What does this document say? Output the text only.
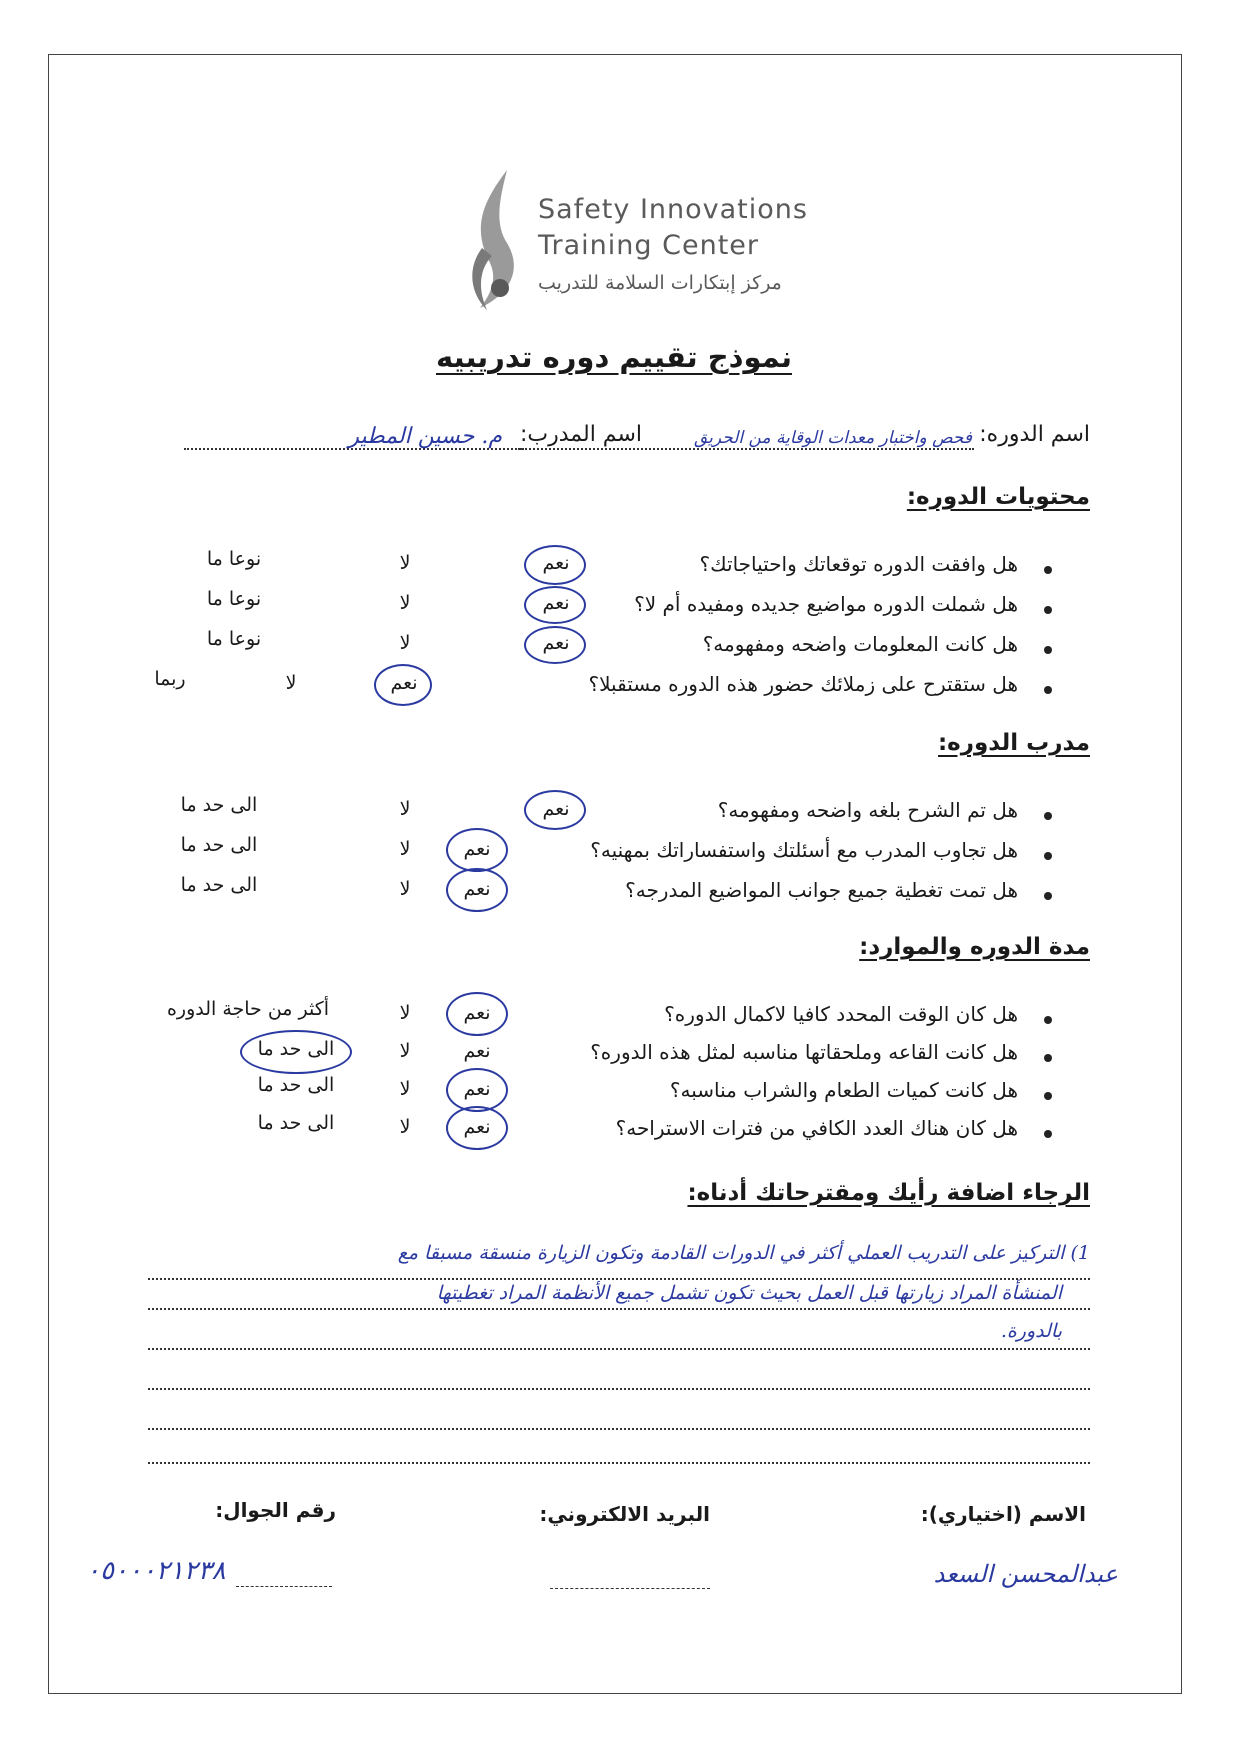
Safety Innovations
Training Center
مركز إبتكارات السلامة للتدريب
نموذج تقييم دوره تدريبيه
اسم الدوره:
فحص واختبار معدات الوقاية من الحريق
اسم المدرب:
م. حسين المطير
محتويات الدوره:
هل وافقت الدوره توقعاتك واحتياجاتك؟
نعم
لا
نوعا ما
هل شملت الدوره مواضيع جديده ومفيده أم لا؟
نعم
لا
نوعا ما
هل كانت المعلومات واضحه ومفهومه؟
نعم
لا
نوعا ما
هل ستقترح على زملائك حضور هذه الدوره مستقبلا؟
نعم
لا
ربما
مدرب الدوره:
هل تم الشرح بلغه واضحه ومفهومه؟
نعم
لا
الى حد ما
هل تجاوب المدرب مع أسئلتك واستفساراتك بمهنيه؟
نعم
لا
الى حد ما
هل تمت تغطية جميع جوانب المواضيع المدرجه؟
نعم
لا
الى حد ما
مدة الدوره والموارد:
هل كان الوقت المحدد كافيا لاكمال الدوره؟
نعم
لا
أكثر من حاجة الدوره
هل كانت القاعه وملحقاتها مناسبه لمثل هذه الدوره؟
نعم
لا
الى حد ما
هل كانت كميات الطعام والشراب مناسبه؟
نعم
لا
الى حد ما
هل كان هناك العدد الكافي من فترات الاستراحه؟
نعم
لا
الى حد ما
الرجاء اضافة رأيك ومقترحاتك أدناه:
1) التركيز على التدريب العملي أكثر في الدورات القادمة وتكون الزيارة منسقة مسبقا مع
المنشأة المراد زيارتها قبل العمل بحيث تكون تشمل جميع الأنظمة المراد تغطيتها
بالدورة.
الاسم (اختياري):
البريد الالكتروني:
رقم الجوال:
عبدالمحسن السعد
٠٥٠٠٠٢١٢٣٨
